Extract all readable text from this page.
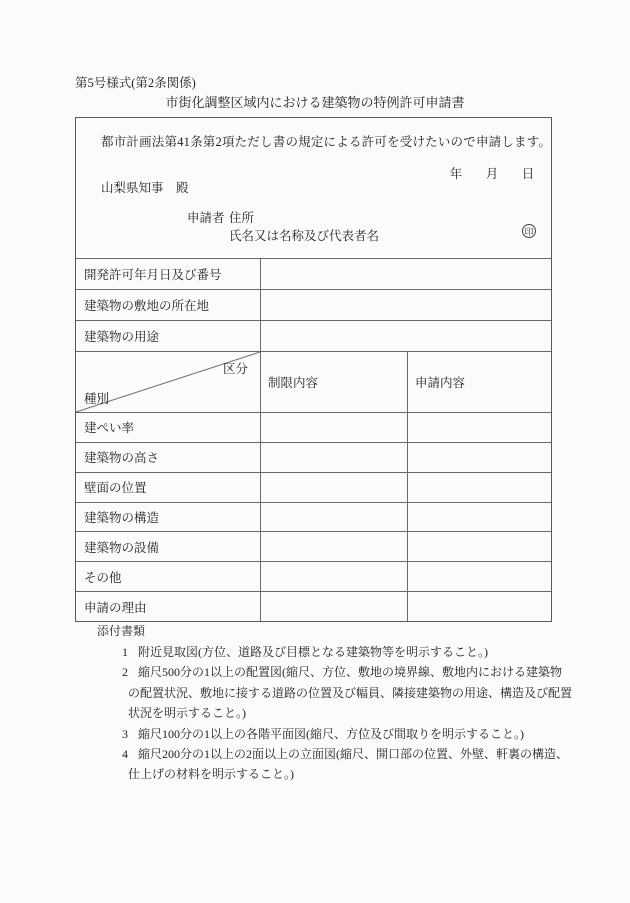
第5号様式(第2条関係)
市街化調整区域内における建築物の特例許可申請書
都市計画法第41条第2項ただし書の規定による許可を受けたいので申請します。
年 月 日
山梨県知事　殿
申請者 住所
氏名又は名称及び代表者名	印
開発許可年月日及び番号
建築物の敷地の所在地
建築物の用途
区分
種別
制限内容	申請内容
建ぺい率
建築物の高さ
壁面の位置
建築物の構造
建築物の設備
その他
申請の理由
添付書類
1 附近見取図(方位、道路及び目標となる建築物等を明示すること。)
2 縮尺500分の1以上の配置図(縮尺、方位、敷地の境界線、敷地内における建築物
の配置状況、敷地に接する道路の位置及び幅員、隣接建築物の用途、構造及び配置
状況を明示すること。)
3 縮尺100分の1以上の各階平面図(縮尺、方位及び間取りを明示すること。)
4 縮尺200分の1以上の2面以上の立面図(縮尺、開口部の位置、外壁、軒裏の構造、
仕上げの材料を明示すること。)
